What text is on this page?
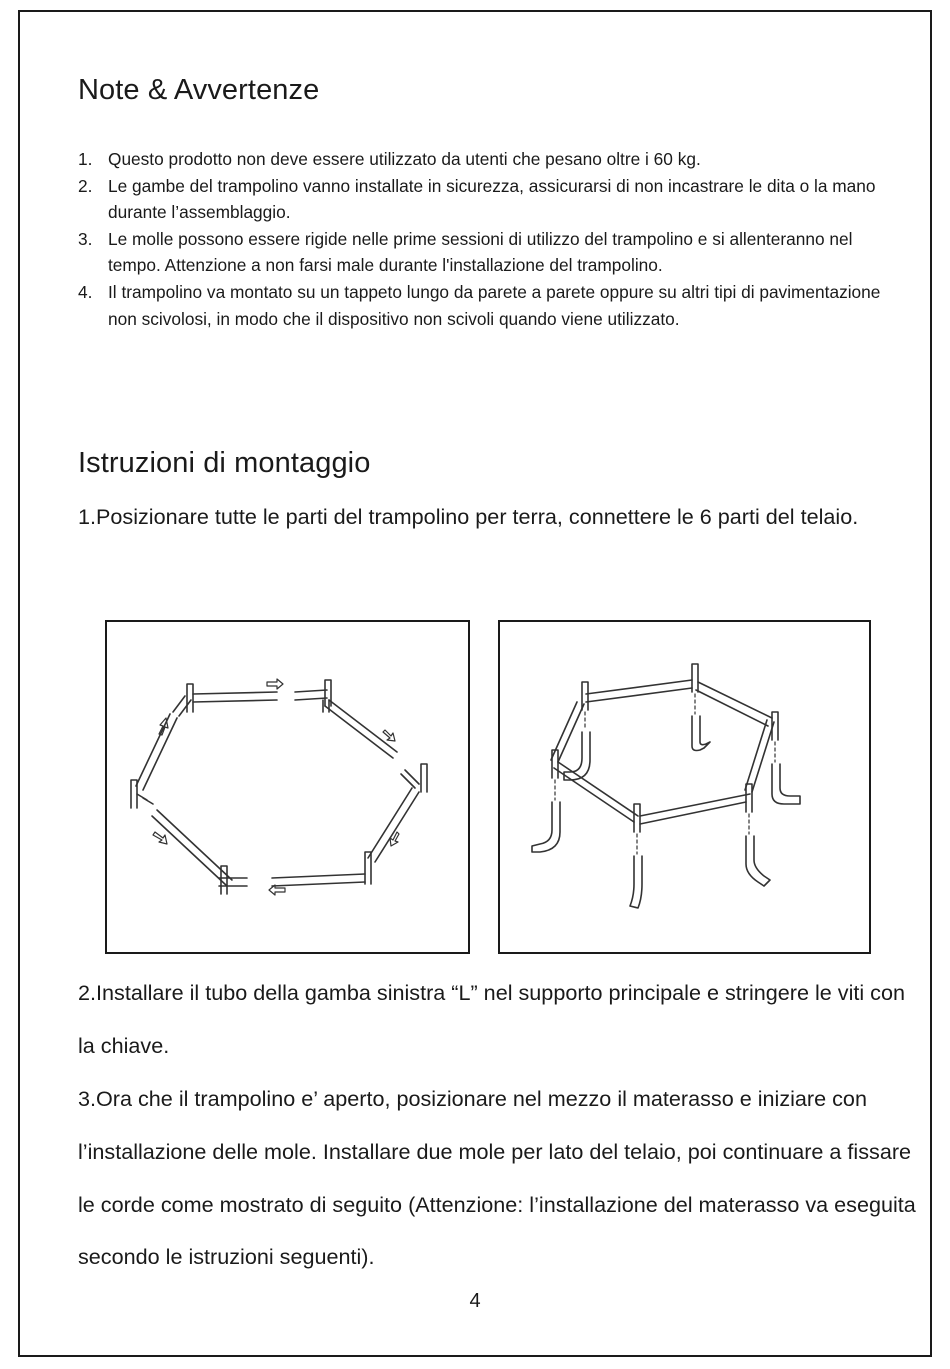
Note & Avvertenze
1. Questo prodotto non deve essere utilizzato da utenti che pesano oltre i 60 kg.
2. Le gambe del trampolino vanno installate in sicurezza, assicurarsi di non incastrare le dita o la mano durante l’assemblaggio.
3. Le molle possono essere rigide nelle prime sessioni di utilizzo del trampolino e si allenteranno nel tempo. Attenzione a non farsi male durante l'installazione del trampolino.
4. Il trampolino va montato su un tappeto lungo da parete a parete oppure su altri tipi di pavimentazione non scivolosi, in modo che il dispositivo non scivoli quando viene utilizzato.
Istruzioni di montaggio

1.Posizionare tutte le parti del trampolino per terra, connettere le 6 parti del telaio.

2.Installare il tubo della gamba sinistra “L” nel supporto principale e stringere le viti con la chiave.

3.Ora che il trampolino e’ aperto, posizionare nel mezzo il materasso e iniziare con l’installazione delle mole. Installare due mole per lato del telaio, poi continuare a fissare le corde come mostrato di seguito (Attenzione: l’installazione del materasso va eseguita secondo le istruzioni seguenti).

4
